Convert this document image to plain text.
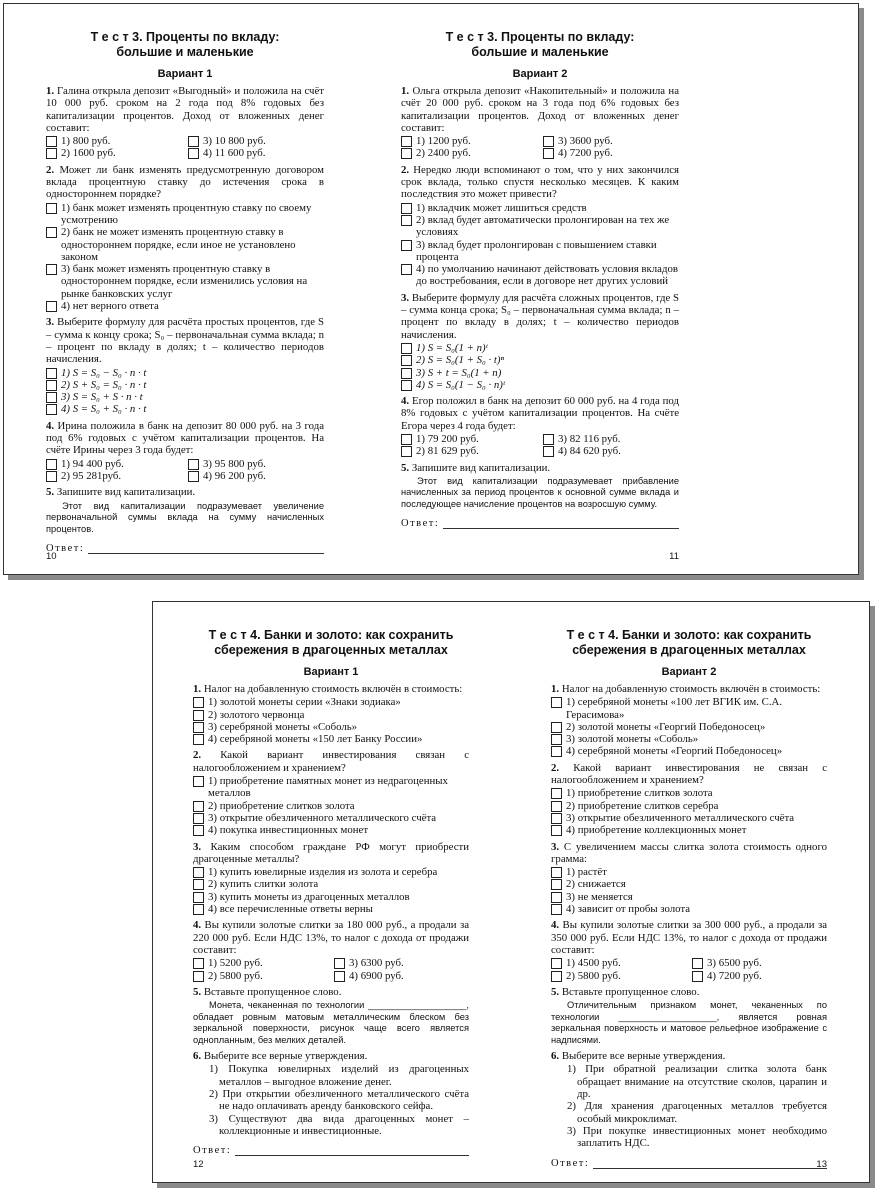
Т е с т 3. Проценты по вкладу:
большие и маленькие

Вариант 1

1. Галина открыла депозит «Выгодный» и положила на счёт 10 000 руб. сроком на 2 года под 8% годовых без капитализации процентов. Доход от вложенных денег составит:

1) 800 руб.	3) 10 800 руб.
2) 1600 руб.	4) 11 600 руб.

2. Может ли банк изменять предусмотренную договором вклада процентную ставку до истечения срока в одностороннем порядке?

1) банк может изменять процентную ставку по своему усмотрению
2) банк не может изменять процентную ставку в одностороннем порядке, если иное не установлено законом
3) банк может изменять процентную ставку в одностороннем порядке, если изменились условия на рынке банковских услуг
4) нет верного ответа

3. Выберите формулу для расчёта простых процентов, где S – сумма к концу срока; S₀ – первоначальная сумма вклада; n – процент по вкладу в долях; t – количество периодов начисления.

1) S = S₀ − S₀ · n · t
2) S + S₀ = S₀ · n · t
3) S = S₀ + S · n · t
4) S = S₀ + S₀ · n · t

4. Ирина положила в банк на депозит 80 000 руб. на 3 года под 6% годовых с учётом капитализации процентов. На счёте Ирины через 3 года будет:

1) 94 400 руб.	3) 95 800 руб.
2) 95 281руб.	4) 96 200 руб.

5. Запишите вид капитализации.

Этот вид капитализации подразумевает увеличение первоначальной суммы вклада на сумму начисленных процентов.

Ответ:
10

Т е с т 3. Проценты по вкладу:
большие и маленькие

Вариант 2

1. Ольга открыла депозит «Накопительный» и положила на счёт 20 000 руб. сроком на 3 года под 6% годовых без капитализации процентов. Доход от вложенных денег составит:

1) 1200 руб.	3) 3600 руб.
2) 2400 руб.	4) 7200 руб.

2. Нередко люди вспоминают о том, что у них закончился срок вклада, только спустя несколько месяцев. К каким последствия это может привести?

1) вкладчик может лишиться средств
2) вклад будет автоматически пролонгирован на тех же условиях
3) вклад будет пролонгирован с повышением ставки процента
4) по умолчанию начинают действовать условия вкладов до востребования, если в договоре нет других условий

3. Выберите формулу для расчёта сложных процентов, где S – сумма конца срока; S₀ – первоначальная сумма вклада; n – процент по вкладу в долях; t – количество периодов начисления.

1) S = S₀(1 + n)ᵗ
2) S = S₀(1 + S₀ · t)ⁿ
3) S + t = S₀(1 + n)
4) S = S₀(1 − S₀ · n)ᵗ

4. Егор положил в банк на депозит 60 000 руб. на 4 года под 8% годовых с учётом капитализации процентов. На счёте Егора через 4 года будет:

1) 79 200 руб.	3) 82 116 руб.
2) 81 629 руб.	4) 84 620 руб.

5. Запишите вид капитализации.

Этот вид капитализации подразумевает прибавление начисленных за период процентов к основной сумме вклада и последующее начисление процентов на возросшую сумму.

Ответ:
11

Т е с т 4. Банки и золото: как сохранить
сбережения в драгоценных металлах

Вариант 1

1. Налог на добавленную стоимость включён в стоимость:

1) золотой монеты серии «Знаки зодиака»
2) золотого червонца
3) серебряной монеты «Соболь»
4) серебряной монеты «150 лет Банку России»

2. Какой вариант инвестирования связан с налогообложением и хранением?

1) приобретение памятных монет из недрагоценных металлов
2) приобретение слитков золота
3) открытие обезличенного металлического счёта
4) покупка инвестиционных монет

3. Каким способом граждане РФ могут приобрести драгоценные металлы?

1) купить ювелирные изделия из золота и серебра
2) купить слитки золота
3) купить монеты из драгоценных металлов
4) все перечисленные ответы верны

4. Вы купили золотые слитки за 180 000 руб., а продали за 220 000 руб. Если НДС 13%, то налог с дохода от продажи составит:

1) 5200 руб.	3) 6300 руб.
2) 5800 руб.	4) 6900 руб.

5. Вставьте пропущенное слово.

Монета, чеканенная по технологии ___________________, обладает ровным матовым металлическим блеском без зеркальной поверхности, рисунок чаще всего является однопланным, без мелких деталей.

6. Выберите все верные утверждения.

1) Покупка ювелирных изделий из драгоценных металлов – выгодное вложение денег.

2) При открытии обезличенного металлического счёта не надо оплачивать аренду банковского сейфа.

3) Существуют два вида драгоценных монет – коллекционные и инвестиционные.

Ответ:
12

Т е с т 4. Банки и золото: как сохранить
сбережения в драгоценных металлах

Вариант 2

1. Налог на добавленную стоимость включён в стоимость:

1) серебряной монеты «100 лет ВГИК им. С.А. Герасимова»
2) золотой монеты «Георгий Победоносец»
3) золотой монеты «Соболь»
4) серебряной монеты «Георгий Победоносец»

2. Какой вариант инвестирования не связан с налогообложением и хранением?

1) приобретение слитков золота
2) приобретение слитков серебра
3) открытие обезличенного металлического счёта
4) приобретение коллекционных монет

3. С увеличением массы слитка золота стоимость одного грамма:

1) растёт
2) снижается
3) не меняется
4) зависит от пробы золота

4. Вы купили золотые слитки за 300 000 руб., а продали за 350 000 руб. Если НДС 13%, то налог с дохода от продажи составит:

1) 4500 руб.	3) 6500 руб.
2) 5800 руб.	4) 7200 руб.

5. Вставьте пропущенное слово.

Отличительным признаком монет, чеканенных по технологии ___________________, является ровная зеркальная поверхность и матовое рельефное изображение с надписями.

6. Выберите все верные утверждения.

1) При обратной реализации слитка золота банк обращает внимание на отсутствие сколов, царапин и др.

2) Для хранения драгоценных металлов требуется особый микроклимат.

3) При покупке инвестиционных монет необходимо заплатить НДС.

Ответ:	13
